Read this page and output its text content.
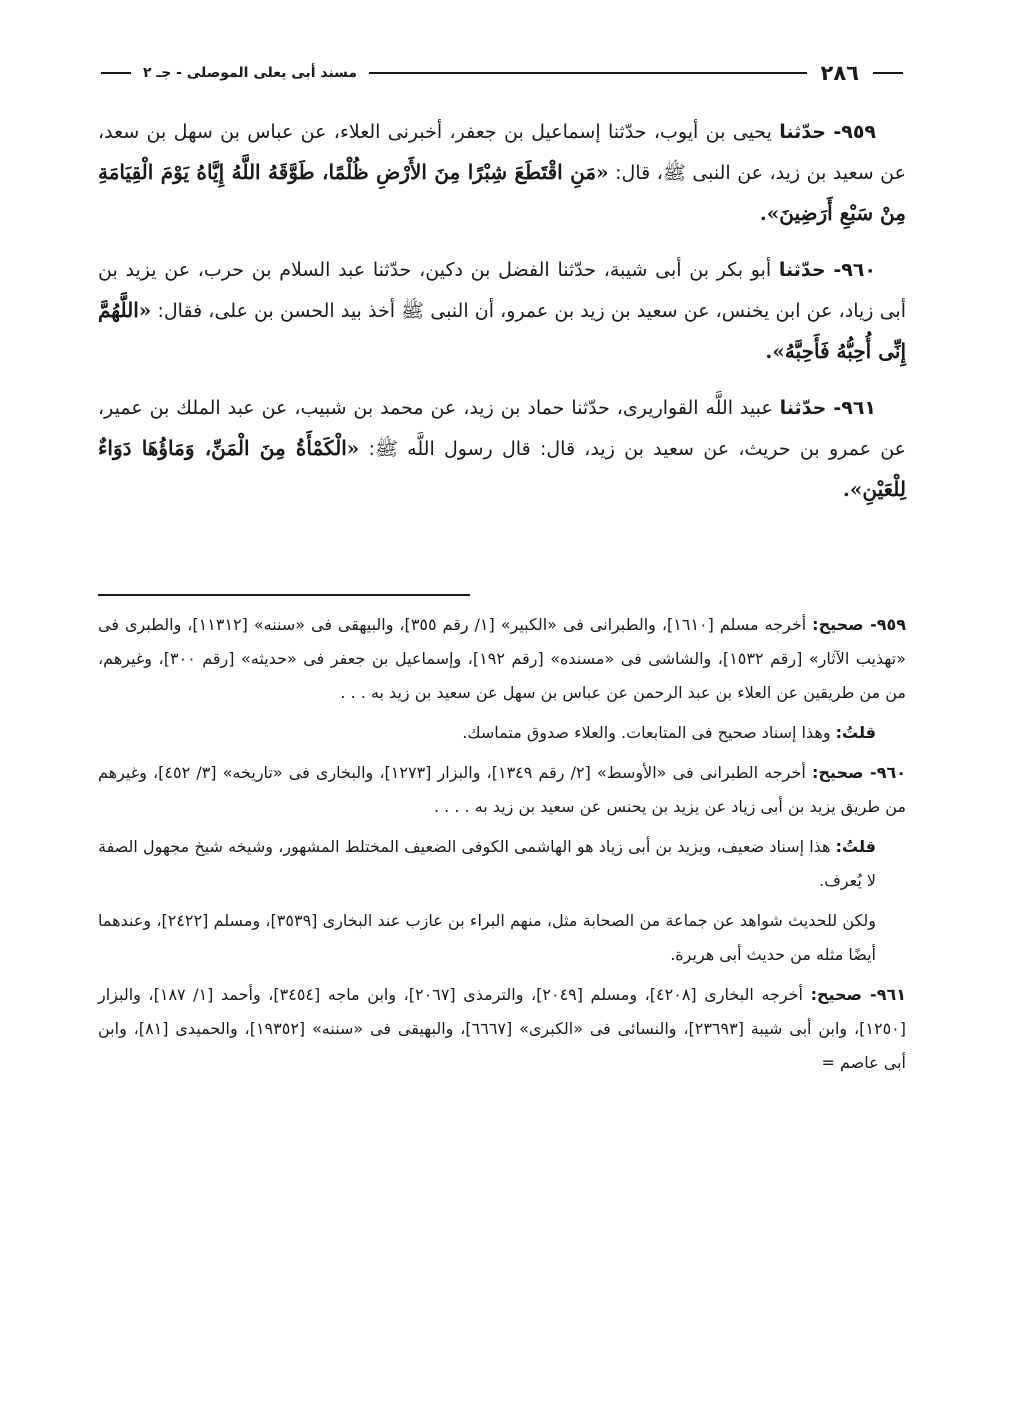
٢٨٦
مسند أبى يعلى الموصلى - جـ ٢

٩٥٩- حدّثنا يحيى بن أيوب، حدّثنا إسماعيل بن جعفر، أخبرنى العلاء، عن عباس بن سهل بن سعد، عن سعيد بن زيد، عن النبى ﷺ، قال: «مَنِ اقْتَطَعَ شِبْرًا مِنَ الأَرْضِ ظُلْمًا، طَوَّقَهُ اللَّهُ إِيَّاهُ يَوْمَ الْقِيَامَةِ مِنْ سَبْعِ أَرَضِينَ».

٩٦٠- حدّثنا أبو بكر بن أبى شيبة، حدّثنا الفضل بن دكين، حدّثنا عبد السلام بن حرب، عن يزيد بن أبى زياد، عن ابن يخنس، عن سعيد بن زيد بن عمرو، أن النبى ﷺ أخذ بيد الحسن بن على، فقال: «اللَّهُمَّ إِنِّى أُحِبُّهُ فَأَحِبَّهُ».

٩٦١- حدّثنا عبيد اللَّه القواريرى، حدّثنا حماد بن زيد، عن محمد بن شبيب، عن عبد الملك بن عمير، عن عمرو بن حريث، عن سعيد بن زيد، قال: قال رسول اللَّه ﷺ: «الْكَمْأَةُ مِنَ الْمَنِّ، وَمَاؤُهَا دَوَاءٌ لِلْعَيْنِ».

٩٥٩- صحيح: أخرجه مسلم [١٦١٠]، والطبرانى فى «الكبير» [١/ رقم ٣٥٥]، والبيهقى فى «سننه» [١١٣١٢]، والطبرى فى «تهذيب الآثار» [رقم ١٥٣٢]، والشاشى فى «مسنده» [رقم ١٩٢]، وإسماعيل بن جعفر فى «حديثه» [رقم ٣٠٠]، وغيرهم، من من طريقين عن العلاء بن عبد الرحمن عن عباس بن سهل عن سعيد بن زيد به . . .

قلتُ: وهذا إسناد صحيح فى المتابعات. والعلاء صدوق متماسك.

٩٦٠- صحيح: أخرجه الطبرانى فى «الأوسط» [٢/ رقم ١٣٤٩]، والبزار [١٢٧٣]، والبخارى فى «تاريخه» [٣/ ٤٥٢]، وغيرهم من طريق يزيد بن أبى زياد عن يزيد بن يحنس عن سعيد بن زيد به . . . .

قلتُ: هذا إسناد ضعيف، ويزيد بن أبى زياد هو الهاشمى الكوفى الضعيف المختلط المشهور، وشيخه شيخ مجهول الصفة لا يُعرف.

ولكن للحديث شواهد عن جماعة من الصحابة مثل، منهم البراء بن عازب عند البخارى [٣٥٣٩]، ومسلم [٢٤٢٢]، وعندهما أيضًا مثله من حديث أبى هريرة.

٩٦١- صحيح: أخرجه البخارى [٤٢٠٨]، ومسلم [٢٠٤٩]، والترمذى [٢٠٦٧]، وابن ماجه [٣٤٥٤]، وأحمد [١/ ١٨٧]، والبزار [١٢٥٠]، وابن أبى شيبة [٢٣٦٩٣]، والنسائى فى «الكبرى» [٦٦٦٧]، والبهيقى فى «سننه» [١٩٣٥٢]، والحميدى [٨١]، وابن أبى عاصم =
